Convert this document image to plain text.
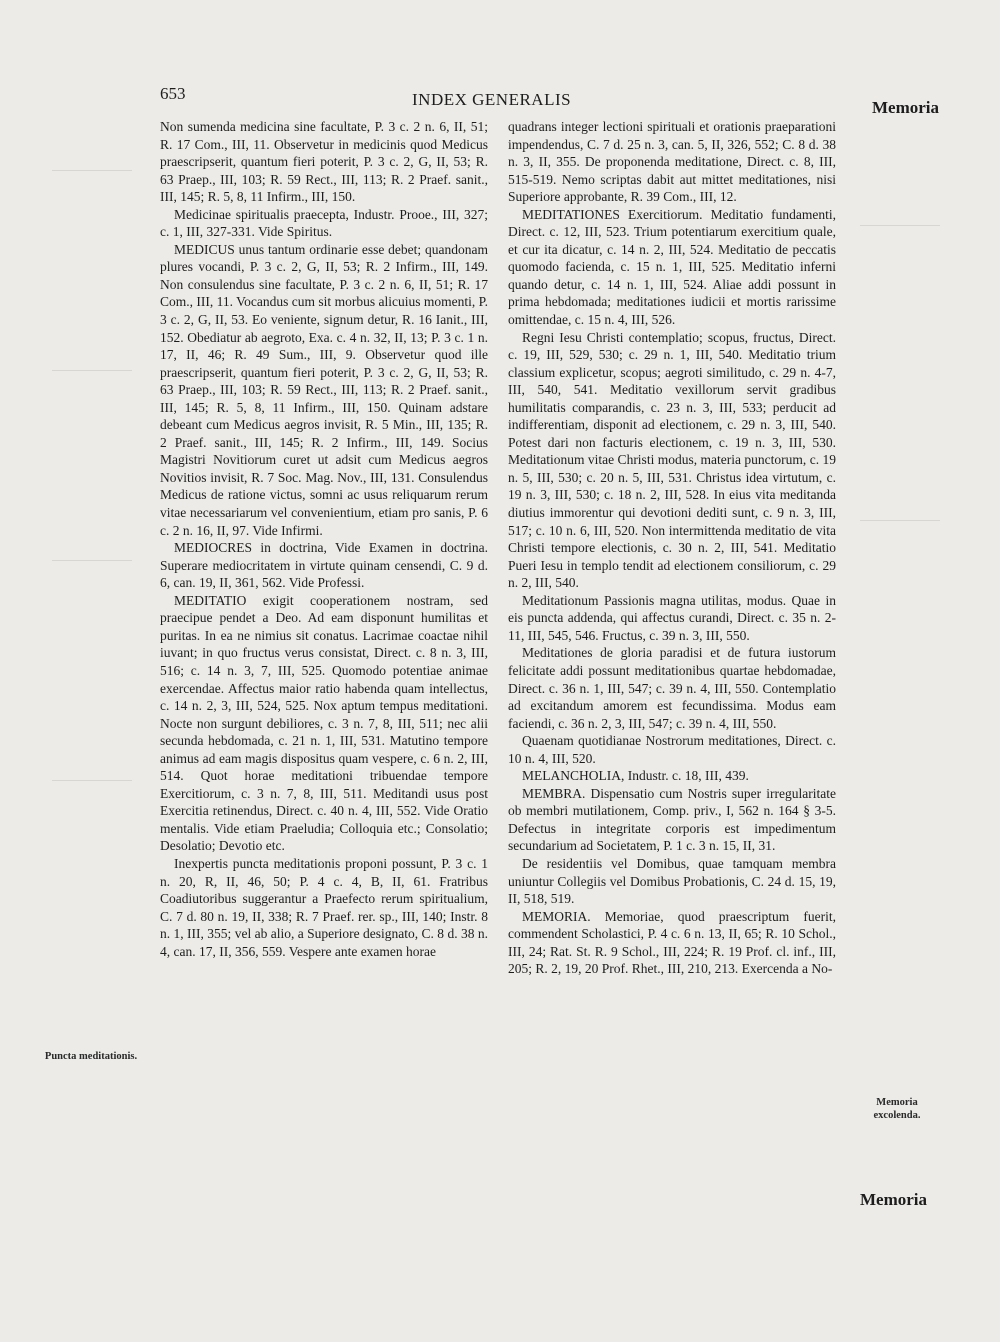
653	INDEX GENERALIS	Memoria

Non sumenda medicina sine facultate, P. 3 c. 2 n. 6, II, 51; R. 17 Com., III, 11. Observetur in medicinis quod Medicus praescripserit, quantum fieri poterit, P. 3 c. 2, G, II, 53; R. 63 Praep., III, 103; R. 59 Rect., III, 113; R. 2 Praef. sanit., III, 145; R. 5, 8, 11 Infirm., III, 150.

Medicinae spiritualis praecepta, Industr. Prooe., III, 327; c. 1, III, 327-331. Vide Spiritus.

MEDICUS unus tantum ordinarie esse debet; quandonam plures vocandi, P. 3 c. 2, G, II, 53; R. 2 Infirm., III, 149. Non consulendus sine facultate, P. 3 c. 2 n. 6, II, 51; R. 17 Com., III, 11. Vocandus cum sit morbus alicuius momenti, P. 3 c. 2, G, II, 53. Eo veniente, signum detur, R. 16 Ianit., III, 152. Obediatur ab aegroto, Exa. c. 4 n. 32, II, 13; P. 3 c. 1 n. 17, II, 46; R. 49 Sum., III, 9. Observetur quod ille praescripserit, quantum fieri poterit, P. 3 c. 2, G, II, 53; R. 63 Praep., III, 103; R. 59 Rect., III, 113; R. 2 Praef. sanit., III, 145; R. 5, 8, 11 Infirm., III, 150. Quinam adstare debeant cum Medicus aegros invisit, R. 5 Min., III, 135; R. 2 Praef. sanit., III, 145; R. 2 Infirm., III, 149. Socius Magistri Novitiorum curet ut adsit cum Medicus aegros Novitios invisit, R. 7 Soc. Mag. Nov., III, 131. Consulendus Medicus de ratione victus, somni ac usus reliquarum rerum vitae necessariarum vel convenientium, etiam pro sanis, P. 6 c. 2 n. 16, II, 97. Vide Infirmi.

MEDIOCRES in doctrina, Vide Examen in doctrina. Superare mediocritatem in virtute quinam censendi, C. 9 d. 6, can. 19, II, 361, 562. Vide Professi.

MEDITATIO exigit cooperationem nostram, sed praecipue pendet a Deo. Ad eam disponunt humilitas et puritas. In ea ne nimius sit conatus. Lacrimae coactae nihil iuvant; in quo fructus verus consistat, Direct. c. 8 n. 3, III, 516; c. 14 n. 3, 7, III, 525. Quomodo potentiae animae exercendae. Affectus maior ratio habenda quam intellectus, c. 14 n. 2, 3, III, 524, 525. Nox aptum tempus meditationi. Nocte non surgunt debiliores, c. 3 n. 7, 8, III, 511; nec alii secunda hebdomada, c. 21 n. 1, III, 531. Matutino tempore animus ad eam magis dispositus quam vespere, c. 6 n. 2, III, 514. Quot horae meditationi tribuendae tempore Exercitiorum, c. 3 n. 7, 8, III, 511. Meditandi usus post Exercitia retinendus, Direct. c. 40 n. 4, III, 552. Vide Oratio mentalis. Vide etiam Praeludia; Colloquia etc.; Consolatio; Desolatio; Devotio etc.

Inexpertis puncta meditationis proponi possunt, P. 3 c. 1 n. 20, R, II, 46, 50; P. 4 c. 4, B, II, 61. Fratribus Coadiutoribus suggerantur a Praefecto rerum spiritualium, C. 7 d. 80 n. 19, II, 338; R. 7 Praef. rer. sp., III, 140; Instr. 8 n. 1, III, 355; vel ab alio, a Superiore designato, C. 8 d. 38 n. 4, can. 17, II, 356, 559. Vespere ante examen horae

quadrans integer lectioni spirituali et orationis praeparationi impendendus, C. 7 d. 25 n. 3, can. 5, II, 326, 552; C. 8 d. 38 n. 3, II, 355. De proponenda meditatione, Direct. c. 8, III, 515-519. Nemo scriptas dabit aut mittet meditationes, nisi Superiore approbante, R. 39 Com., III, 12.

MEDITATIONES Exercitiorum. Meditatio fundamenti, Direct. c. 12, III, 523. Trium potentiarum exercitium quale, et cur ita dicatur, c. 14 n. 2, III, 524. Meditatio de peccatis quomodo facienda, c. 15 n. 1, III, 525. Meditatio inferni quando detur, c. 14 n. 1, III, 524. Aliae addi possunt in prima hebdomada; meditationes iudicii et mortis rarissime omittendae, c. 15 n. 4, III, 526.

Regni Iesu Christi contemplatio; scopus, fructus, Direct. c. 19, III, 529, 530; c. 29 n. 1, III, 540. Meditatio trium classium explicetur, scopus; aegroti similitudo, c. 29 n. 4-7, III, 540, 541. Meditatio vexillorum servit gradibus humilitatis comparandis, c. 23 n. 3, III, 533; perducit ad indifferentiam, disponit ad electionem, c. 29 n. 3, III, 540. Potest dari non facturis electionem, c. 19 n. 3, III, 530. Meditationum vitae Christi modus, materia punctorum, c. 19 n. 5, III, 530; c. 20 n. 5, III, 531. Christus idea virtutum, c. 19 n. 3, III, 530; c. 18 n. 2, III, 528. In eius vita meditanda diutius immorentur qui devotioni dediti sunt, c. 9 n. 3, III, 517; c. 10 n. 6, III, 520. Non intermittenda meditatio de vita Christi tempore electionis, c. 30 n. 2, III, 541. Meditatio Pueri Iesu in templo tendit ad electionem consiliorum, c. 29 n. 2, III, 540.

Meditationum Passionis magna utilitas, modus. Quae in eis puncta addenda, qui affectus curandi, Direct. c. 35 n. 2-11, III, 545, 546. Fructus, c. 39 n. 3, III, 550.

Meditationes de gloria paradisi et de futura iustorum felicitate addi possunt meditationibus quartae hebdomadae, Direct. c. 36 n. 1, III, 547; c. 39 n. 4, III, 550. Contemplatio ad excitandum amorem est fecundissima. Modus eam faciendi, c. 36 n. 2, 3, III, 547; c. 39 n. 4, III, 550.

Quaenam quotidianae Nostrorum meditationes, Direct. c. 10 n. 4, III, 520.

MELANCHOLIA, Industr. c. 18, III, 439.

MEMBRA. Dispensatio cum Nostris super irregularitate ob membri mutilationem, Comp. priv., I, 562 n. 164 § 3-5. Defectus in integritate corporis est impedimentum secundarium ad Societatem, P. 1 c. 3 n. 15, II, 31.

De residentiis vel Domibus, quae tamquam membra uniuntur Collegiis vel Domibus Probationis, C. 24 d. 15, 19, II, 518, 519.

MEMORIA. Memoriae, quod praescriptum fuerit, commendent Scholastici, P. 4 c. 6 n. 13, II, 65; R. 10 Schol., III, 24; Rat. St. R. 9 Schol., III, 224; R. 19 Prof. cl. inf., III, 205; R. 2, 19, 20 Prof. Rhet., III, 210, 213. Exercenda a No-

Puncta meditationis.
Memoria excolenda.
Memoria
